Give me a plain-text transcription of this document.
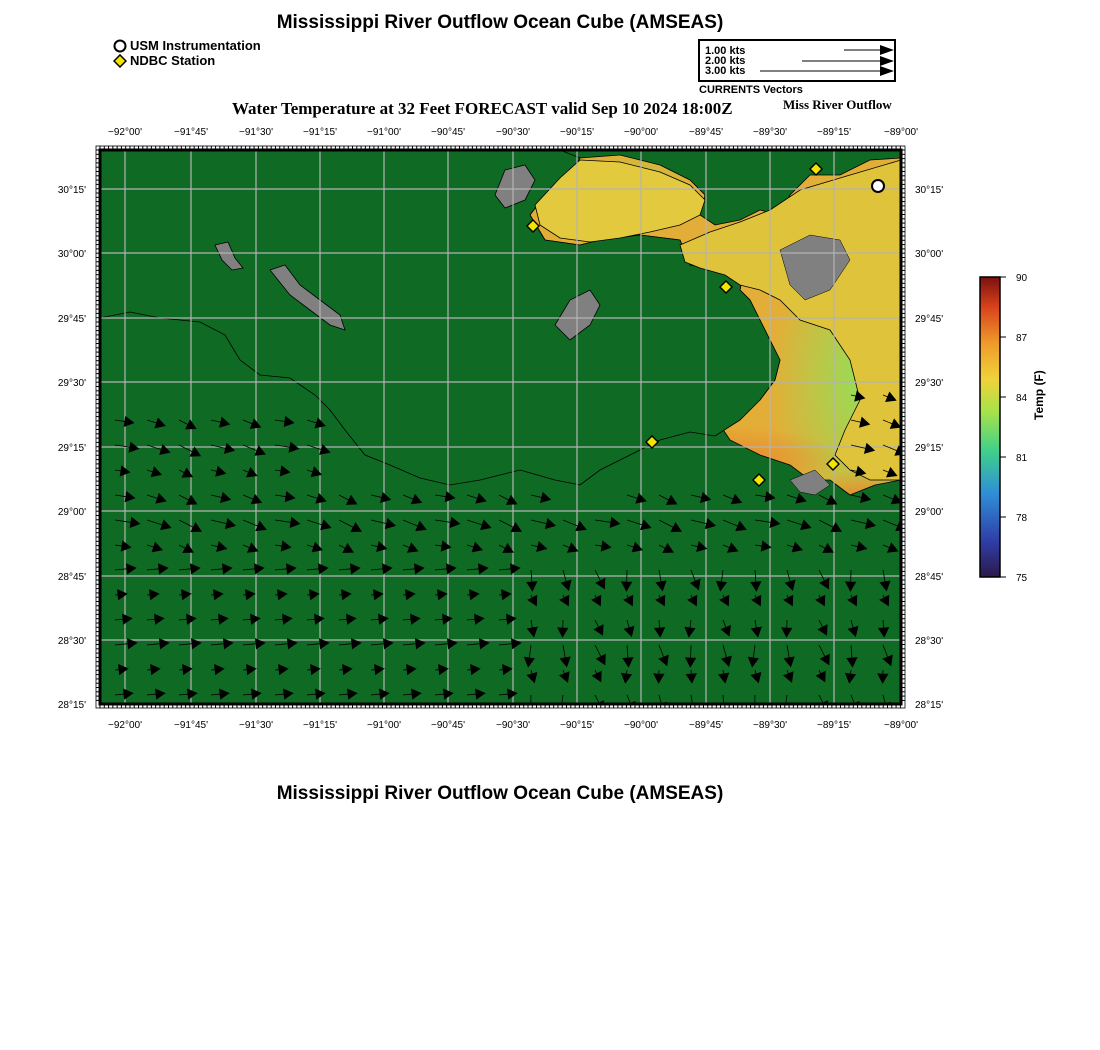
Mississippi River Outflow Ocean Cube (AMSEAS)
USM Instrumentation
NDBC Station
1.00 kts
2.00 kts
3.00 kts
CURRENTS Vectors
Water Temperature at 32 Feet FORECAST valid Sep 10 2024 18:00Z	Miss River Outflow
90
87
84
81
78
75
−92°00'	−91°45'	−91°30'	−91°15'	−91°00'	−90°45'	−90°30'	−90°15'	−90°00'	−89°45'	−89°30'	−89°15'	−89°00'
−92°00'	−91°45'	−91°30'	−91°15'	−91°00'	−90°45'	−90°30'	−90°15'	−90°00'	−89°45'	−89°30'	−89°15'	−89°00'
30°15'
30°00'
29°45'
29°30'
29°15'
29°00'
28°45'
28°30'
28°15'
30°15'
30°00'
29°45'
29°30'
29°15'
29°00'
28°45'
28°30'
28°15'
Temp (F)
Mississippi River Outflow Ocean Cube (AMSEAS)
